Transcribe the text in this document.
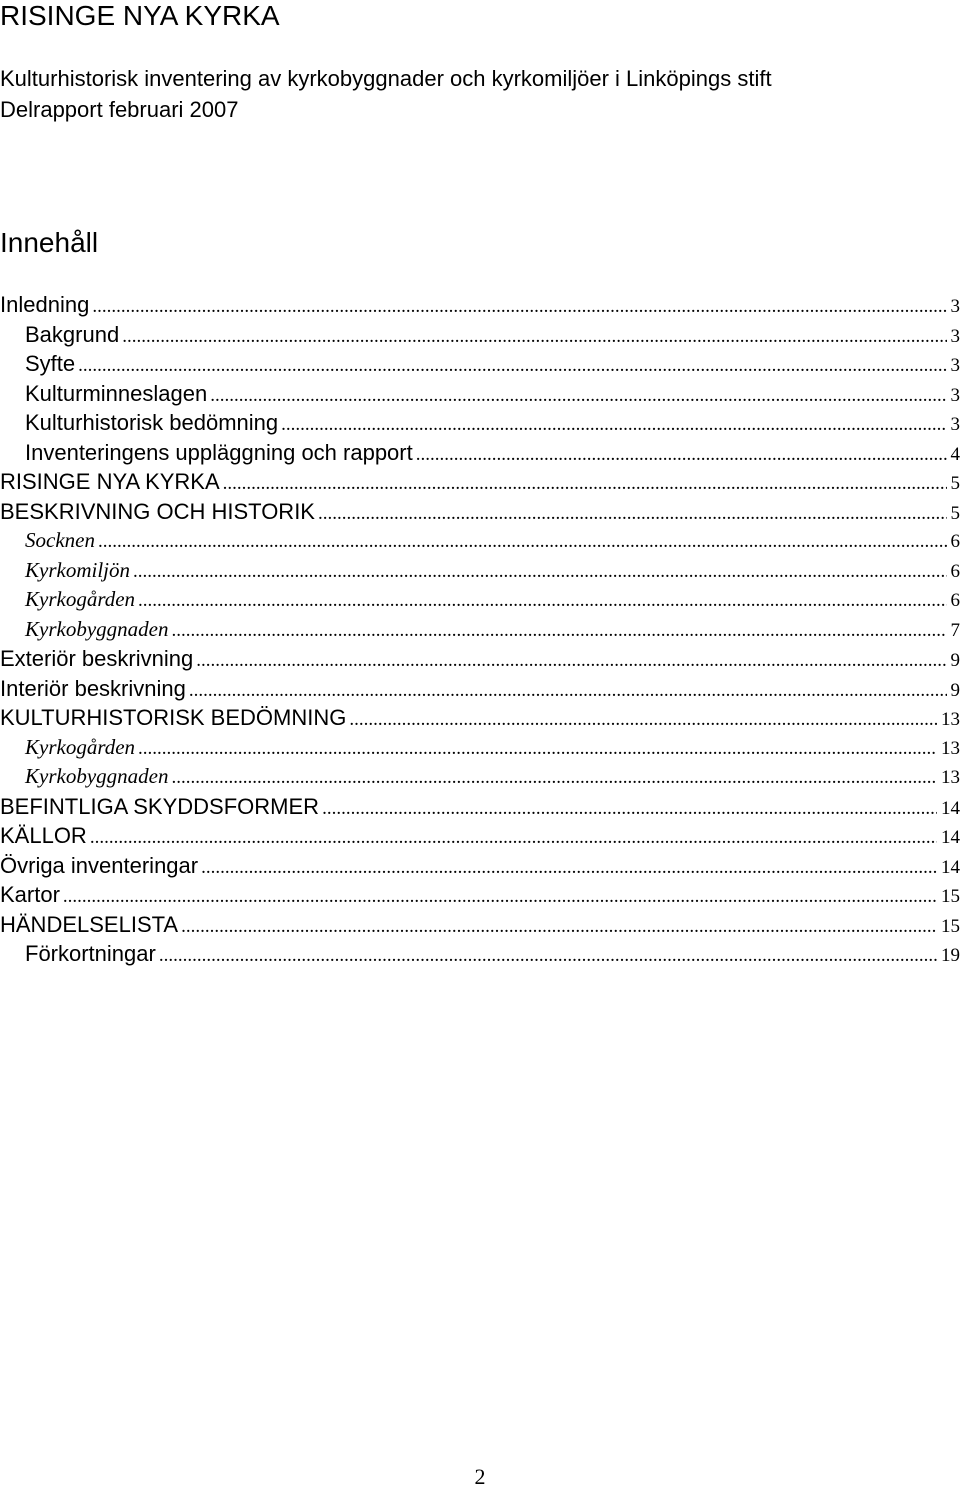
RISINGE NYA KYRKA

Kulturhistorisk inventering av kyrkobyggnader och kyrkomiljöer i Linköpings stift

Delrapport februari 2007

Innehåll
Inledning .....	3
Bakgrund .....	3
Syfte .....	3
Kulturminneslagen .....	3
Kulturhistorisk bedömning .....	3
Inventeringens uppläggning och rapport .....	4
RISINGE NYA KYRKA .....	5
BESKRIVNING OCH HISTORIK .....	5
Socknen .....	6
Kyrkomiljön .....	6
Kyrkogården .....	6
Kyrkobyggnaden .....	7
Exteriör beskrivning .....	9
Interiör beskrivning .....	9
KULTURHISTORISK BEDÖMNING .....	13
Kyrkogården .....	13
Kyrkobyggnaden .....	13
BEFINTLIGA SKYDDSFORMER .....	14
KÄLLOR .....	14
Övriga inventeringar .....	14
Kartor .....	15
HÄNDELSELISTA .....	15
Förkortningar .....	19
2
